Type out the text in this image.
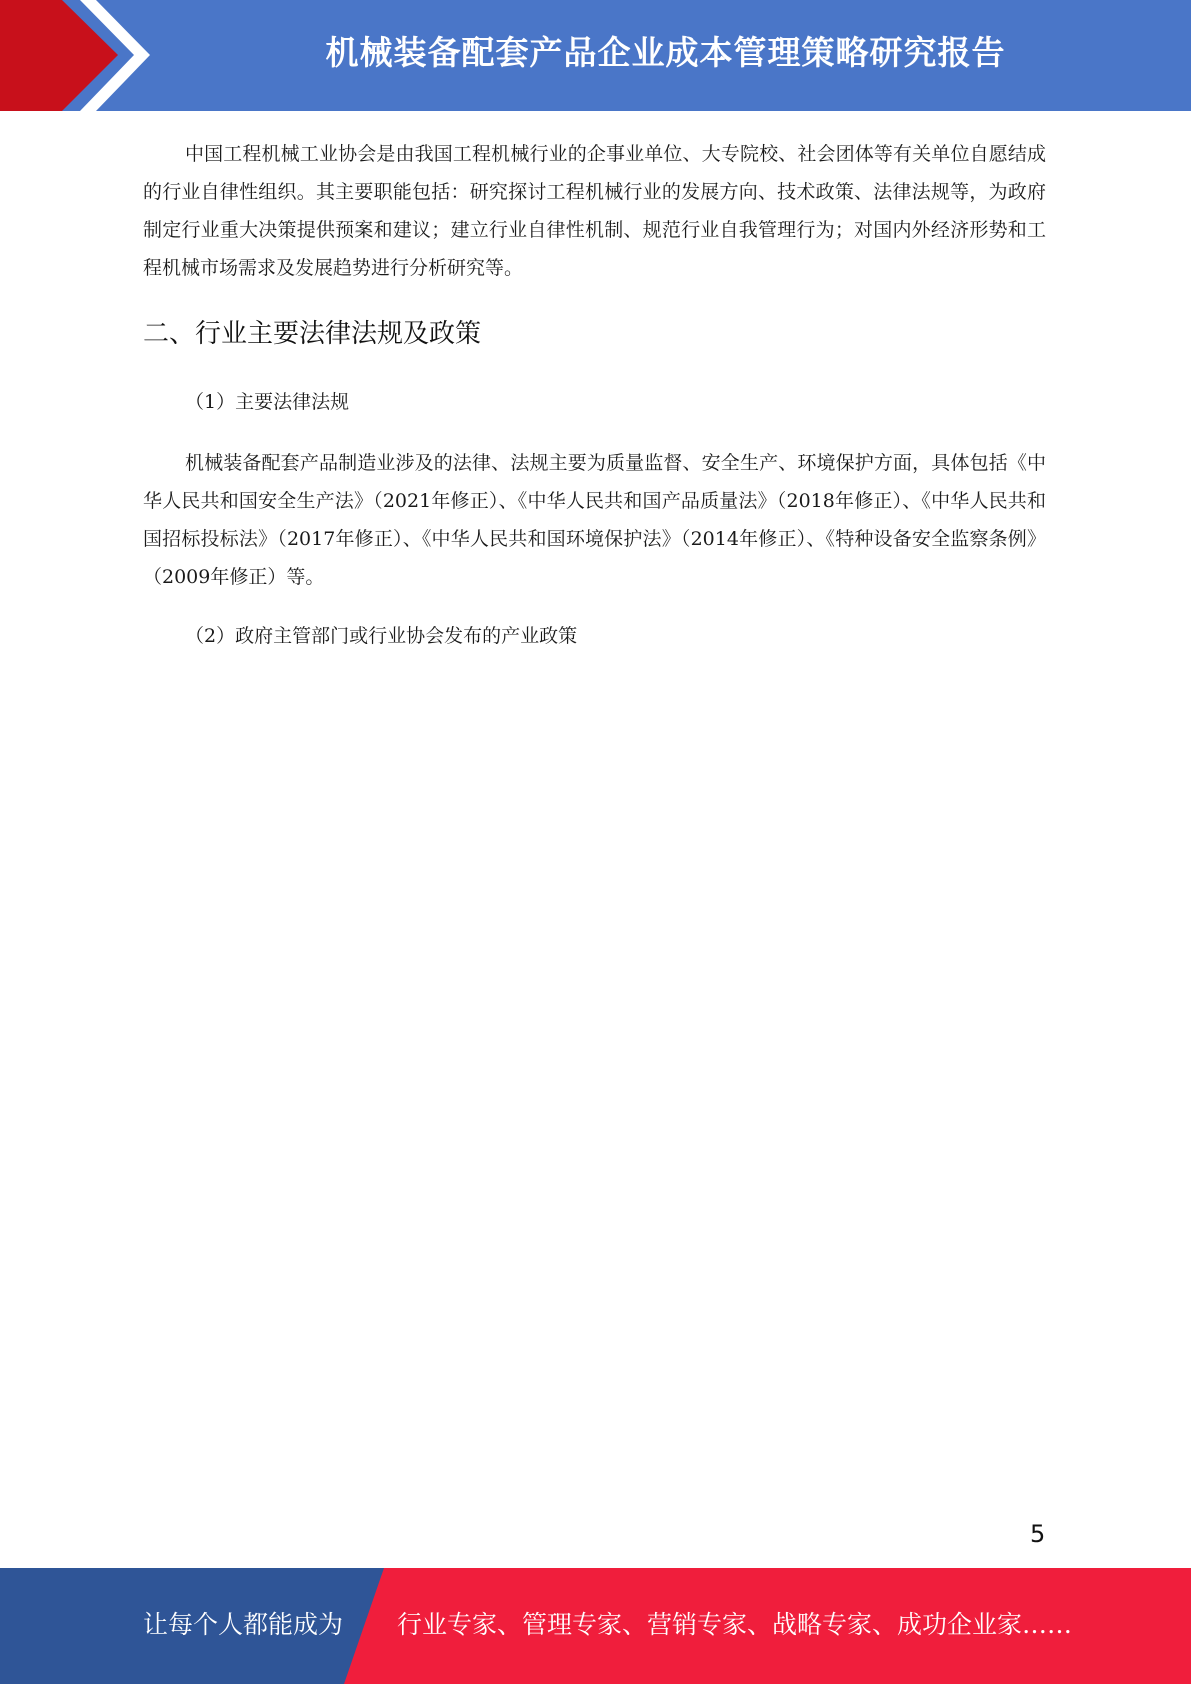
机械装备配套产品企业成本管理策略研究报告

中国工程机械工业协会是由我国工程机械行业的企事业单位、大专院校、社会团体等有关单位自愿结成的行业自律性组织。其主要职能包括：研究探讨工程机械行业的发展方向、技术政策、法律法规等，为政府制定行业重大决策提供预案和建议；建立行业自律性机制、规范行业自我管理行为；对国内外经济形势和工程机械市场需求及发展趋势进行分析研究等。

二、行业主要法律法规及政策

（1）主要法律法规

机械装备配套产品制造业涉及的法律、法规主要为质量监督、安全生产、环境保护方面，具体包括《中华人民共和国安全生产法》（2021年修正）、《中华人民共和国产品质量法》（2018年修正）、《中华人民共和国招标投标法》（2017年修正）、《中华人民共和国环境保护法》（2014年修正）、《特种设备安全监察条例》（2009年修正）等。

（2）政府主管部门或行业协会发布的产业政策

5
让每个人都能成为 行业专家、管理专家、营销专家、战略专家、成功企业家……
